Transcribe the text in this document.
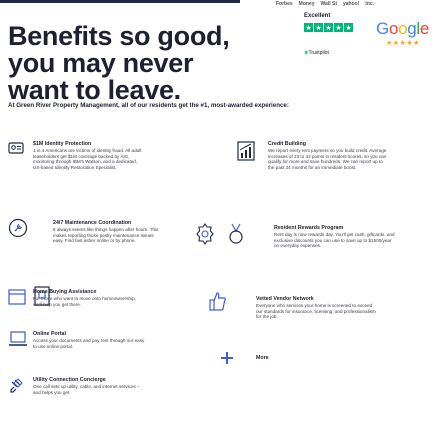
Forbes Money Wall St yahoo! Inc.
Benefits so good,
you may never
want to leave.
Excellent
★ ★ ★ ★ ★
★Trustpilot
Google
★★★★★
At Green River Property Management, all of our residents get the #1, most-awarded experience:
$1M Identity Protection
1 in 4 Americans are victims of identity fraud. All adult leaseholders get $1M coverage backed by AIG, monitoring through IBM's Watson, and a dedicated, US-based Identity Restoration Specialist.
Credit Building
We report every rent payment so you build credit. Average increases of 23 to 42 points in resident scores, so you can qualify for more and save hundreds. We can report up to the past 24 months for an immediate boost.
24/7 Maintenance Coordination
It always seems like things happen after hours. This makes reporting those pesky maintenance issues easy. Find fast either online or by phone.
Resident Rewards Program
Rent day is now rewards day. You'll get cash, giftcards, and exclusive discounts you can use to save up to $1500/year on everyday expenses.
Home Buying Assistance
For those who want to move onto homeownership, we'll help you get there.
Vetted Vendor Network
Everyone who services your home is screened to exceed our standards for insurance, licensing, and professionalism for the job.
Online Portal
Access your documents and pay rent through our easy to use online portal.
More
Utility Connection Concierge
One call sets up utility, cable, and internet services – and helps you get
